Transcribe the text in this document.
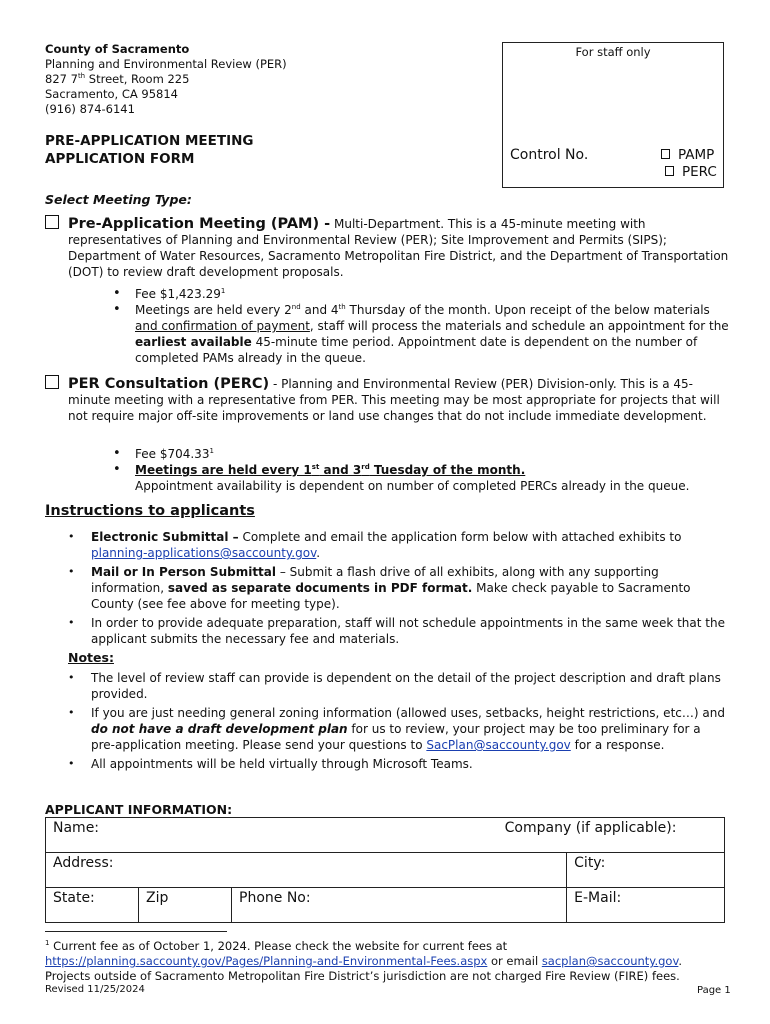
County of Sacramento
Planning and Environmental Review (PER)
827 7th Street, Room 225
Sacramento, CA 95814
(916) 874-6141
PRE-APPLICATION MEETING
APPLICATION FORM
For staff only
Control No.	PAMP
PERC
Select Meeting Type:
Pre-Application Meeting (PAM) - Multi-Department. This is a 45-minute meeting with
representatives of Planning and Environmental Review (PER); Site Improvement and Permits (SIPS); Department of Water Resources, Sacramento Metropolitan Fire District, and the Department of Transportation (DOT) to review draft development proposals.
• Fee $1,423.29$^1$
• Meetings are held every 2nd and 4th Thursday of the month. Upon receipt of the below materials and confirmation of payment, staff will process the materials and schedule an appointment for the earliest available 45-minute time period. Appointment date is dependent on the number of completed PAMs already in the queue.
PER Consultation (PERC) - Planning and Environmental Review (PER) Division-only. This is a 45-
minute meeting with a representative from PER. This meeting may be most appropriate for projects that will not require major off-site improvements or land use changes that do not include immediate development.
• Fee $704.33$^1$
• Meetings are held every 1st and 3rd Tuesday of the month.
Appointment availability is dependent on number of completed PERCs already in the queue.
Instructions to applicants
• Electronic Submittal – Complete and email the application form below with attached exhibits to planning-applications@saccounty.gov.
• Mail or In Person Submittal – Submit a flash drive of all exhibits, along with any supporting information, saved as separate documents in PDF format. Make check payable to Sacramento County (see fee above for meeting type).
• In order to provide adequate preparation, staff will not schedule appointments in the same week that the applicant submits the necessary fee and materials.
Notes:
• The level of review staff can provide is dependent on the detail of the project description and draft plans provided.
• If you are just needing general zoning information (allowed uses, setbacks, height restrictions, etc…) and do not have a draft development plan for us to review, your project may be too preliminary for a pre-application meeting. Please send your questions to SacPlan@saccounty.gov for a response.
• All appointments will be held virtually through Microsoft Teams.
APPLICANT INFORMATION:
Name:			Company (if applicable):
Address:			City:
State:	Zip	Phone No:	E-Mail:
$^1$ Current fee as of October 1, 2024. Please check the website for current fees at https://planning.saccounty.gov/Pages/Planning-and-Environmental-Fees.aspx or email sacplan@saccounty.gov.
Projects outside of Sacramento Metropolitan Fire District’s jurisdiction are not charged Fire Review (FIRE) fees.
Revised 11/25/2024	Page 1
